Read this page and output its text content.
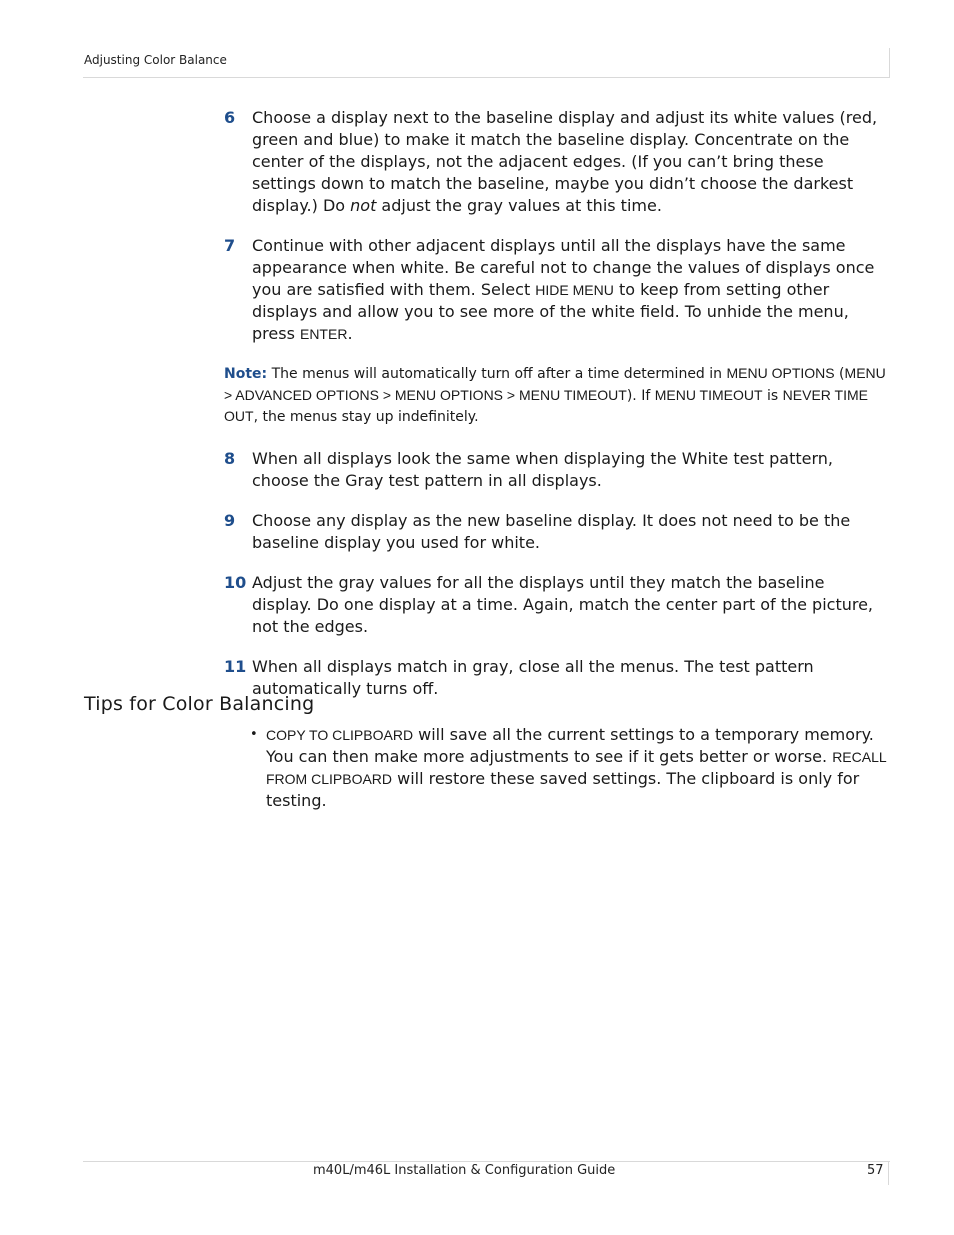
Adjusting Color Balance
6	Choose a display next to the baseline display and adjust its white values (red, green and blue) to make it match the baseline display. Concentrate on the center of the displays, not the adjacent edges. (If you can’t bring these settings down to match the baseline, maybe you didn’t choose the darkest display.) Do not adjust the gray values at this time.
7	Continue with other adjacent displays until all the displays have the same appearance when white. Be careful not to change the values of displays once you are satisfied with them. Select HIDE MENU to keep from setting other displays and allow you to see more of the white field. To unhide the menu, press ENTER.
Note: The menus will automatically turn off after a time determined in MENU OPTIONS (MENU > ADVANCED OPTIONS > MENU OPTIONS > MENU TIMEOUT). If MENU TIMEOUT is NEVER TIME OUT, the menus stay up indefinitely.
8	When all displays look the same when displaying the White test pattern, choose the Gray test pattern in all displays.
9	Choose any display as the new baseline display. It does not need to be the baseline display you used for white.
10 Adjust the gray values for all the displays until they match the baseline display. Do one display at a time. Again, match the center part of the picture, not the edges.
11 When all displays match in gray, close all the menus. The test pattern automatically turns off.
Tips for Color Balancing
• COPY TO CLIPBOARD will save all the current settings to a temporary memory. You can then make more adjustments to see if it gets better or worse. RECALL FROM CLIPBOARD will restore these saved settings. The clipboard is only for testing.
m40L/m46L Installation & Configuration Guide	57
